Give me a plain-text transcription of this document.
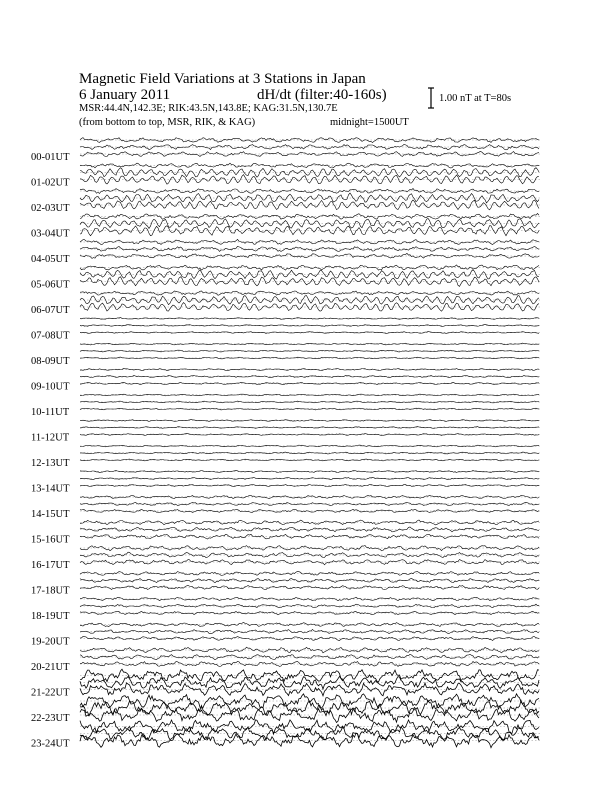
Magnetic Field Variations at 3 Stations in Japan
6 January 2011	dH/dt (filter:40-160s)
MSR:44.4N,142.3E; RIK:43.5N,143.8E; KAG:31.5N,130.7E
(from bottom to top, MSR, RIK, & KAG)	midnight=1500UT
1.00 nT at T=80s
00-01UT
01-02UT
02-03UT
03-04UT
04-05UT
05-06UT
06-07UT
07-08UT
08-09UT
09-10UT
10-11UT
11-12UT
12-13UT
13-14UT
14-15UT
15-16UT
16-17UT
17-18UT
18-19UT
19-20UT
20-21UT
21-22UT
22-23UT
23-24UT
